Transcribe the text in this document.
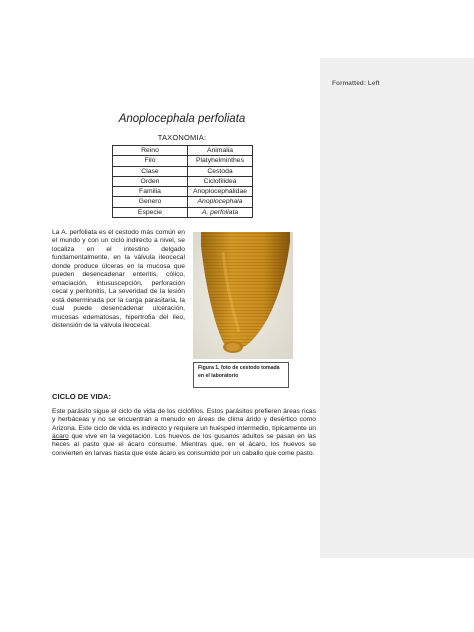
Formatted: Left
Anoplocephala perfoliata
TAXONOMIA:
Reino	Animalia
Filo	Platyhelminthes
Clase	Cestoda
Orden	Ciclofilidea
Familia	Anoplocephalidae
Genero	Anoplocephala
Especie	A. perfoliata
La A. perfoliata es el cestodo más común en el mundo y con un ciclo indirecto a nivel, se localiza en el intestino delgado fundamentalmente, en la válvula ileocecal donde produce úlceras en la mucosa que pueden desencadenar enteritis, cólico, emaciación, intususcepción, perforación cecal y peritonitis, La severidad de la lesión está determinada por la carga parasitaria, la cual puede desencadenar ulceración, mucosas edematosas, hipertrofia del íleo, distensión de la válvula ileocecal.
Figura 1, foto de cestodo tomada en el laboratorio
CICLO DE VIDA:
Este parásito sigue el ciclo de vida de los ciclófilos. Estos parásitos prefieren áreas ricas y herbáceas y no se encuentran a menudo en áreas de clima árido y desértico como Arizona. Este ciclo de vida es indirecto y requiere un huésped intermedio, típicamente un ácaro que vive en la vegetación. Los huevos de los gusanos adultos se pasan en las heces al pasto que el ácaro consume. Mientras que, en el ácaro, los huevos se convierten en larvas hasta que este ácaro es consumido por un caballo que come pasto.
